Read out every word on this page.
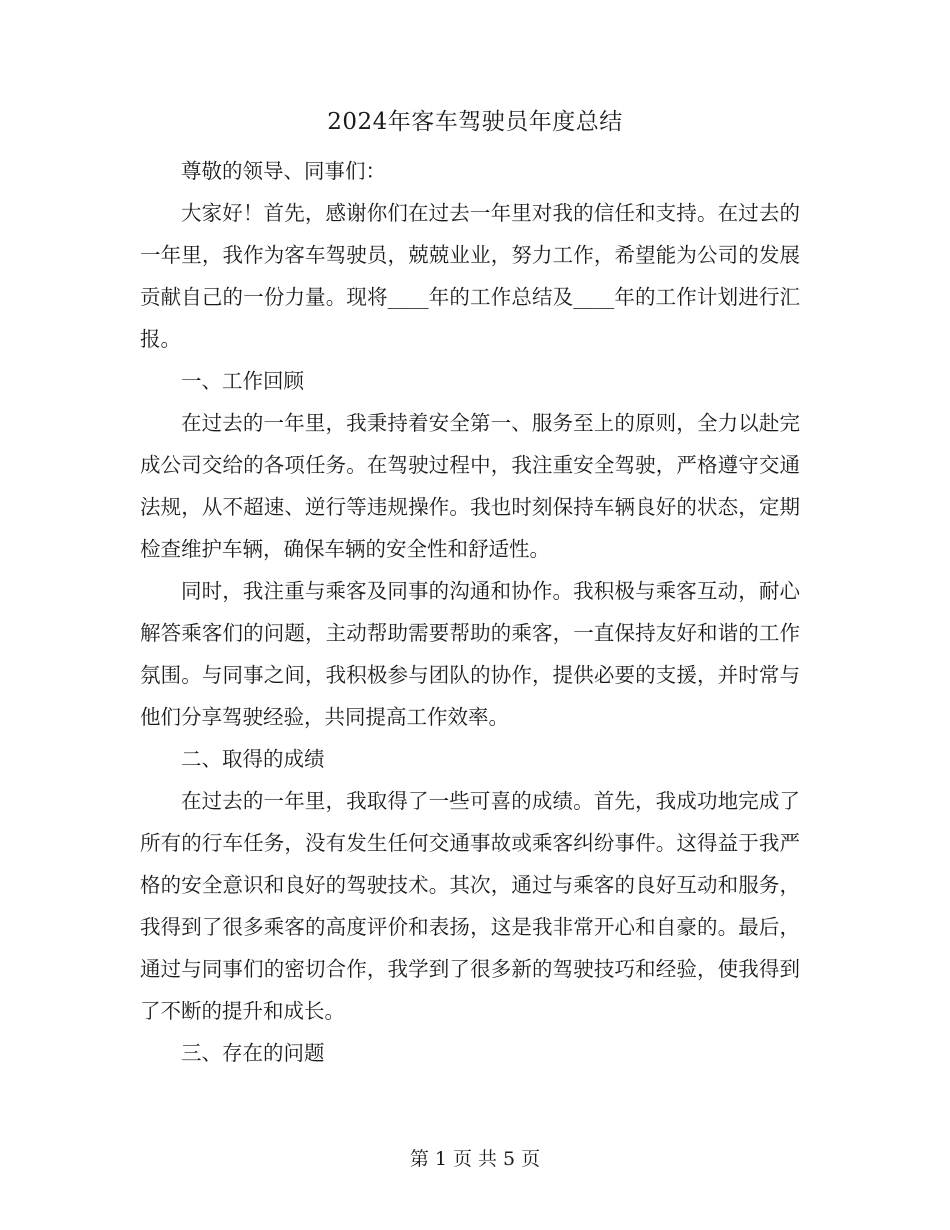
2024年客车驾驶员年度总结

尊敬的领导、同事们：

大家好！首先，感谢你们在过去一年里对我的信任和支持。在过去的一年里，我作为客车驾驶员，兢兢业业，努力工作，希望能为公司的发展贡献自己的一份力量。现将____年的工作总结及____年的工作计划进行汇报。

一、工作回顾

在过去的一年里，我秉持着安全第一、服务至上的原则，全力以赴完成公司交给的各项任务。在驾驶过程中，我注重安全驾驶，严格遵守交通法规，从不超速、逆行等违规操作。我也时刻保持车辆良好的状态，定期检查维护车辆，确保车辆的安全性和舒适性。

同时，我注重与乘客及同事的沟通和协作。我积极与乘客互动，耐心解答乘客们的问题，主动帮助需要帮助的乘客，一直保持友好和谐的工作氛围。与同事之间，我积极参与团队的协作，提供必要的支援，并时常与他们分享驾驶经验，共同提高工作效率。

二、取得的成绩

在过去的一年里，我取得了一些可喜的成绩。首先，我成功地完成了所有的行车任务，没有发生任何交通事故或乘客纠纷事件。这得益于我严格的安全意识和良好的驾驶技术。其次，通过与乘客的良好互动和服务，我得到了很多乘客的高度评价和表扬，这是我非常开心和自豪的。最后，通过与同事们的密切合作，我学到了很多新的驾驶技巧和经验，使我得到了不断的提升和成长。

三、存在的问题

第 1 页 共 5 页
